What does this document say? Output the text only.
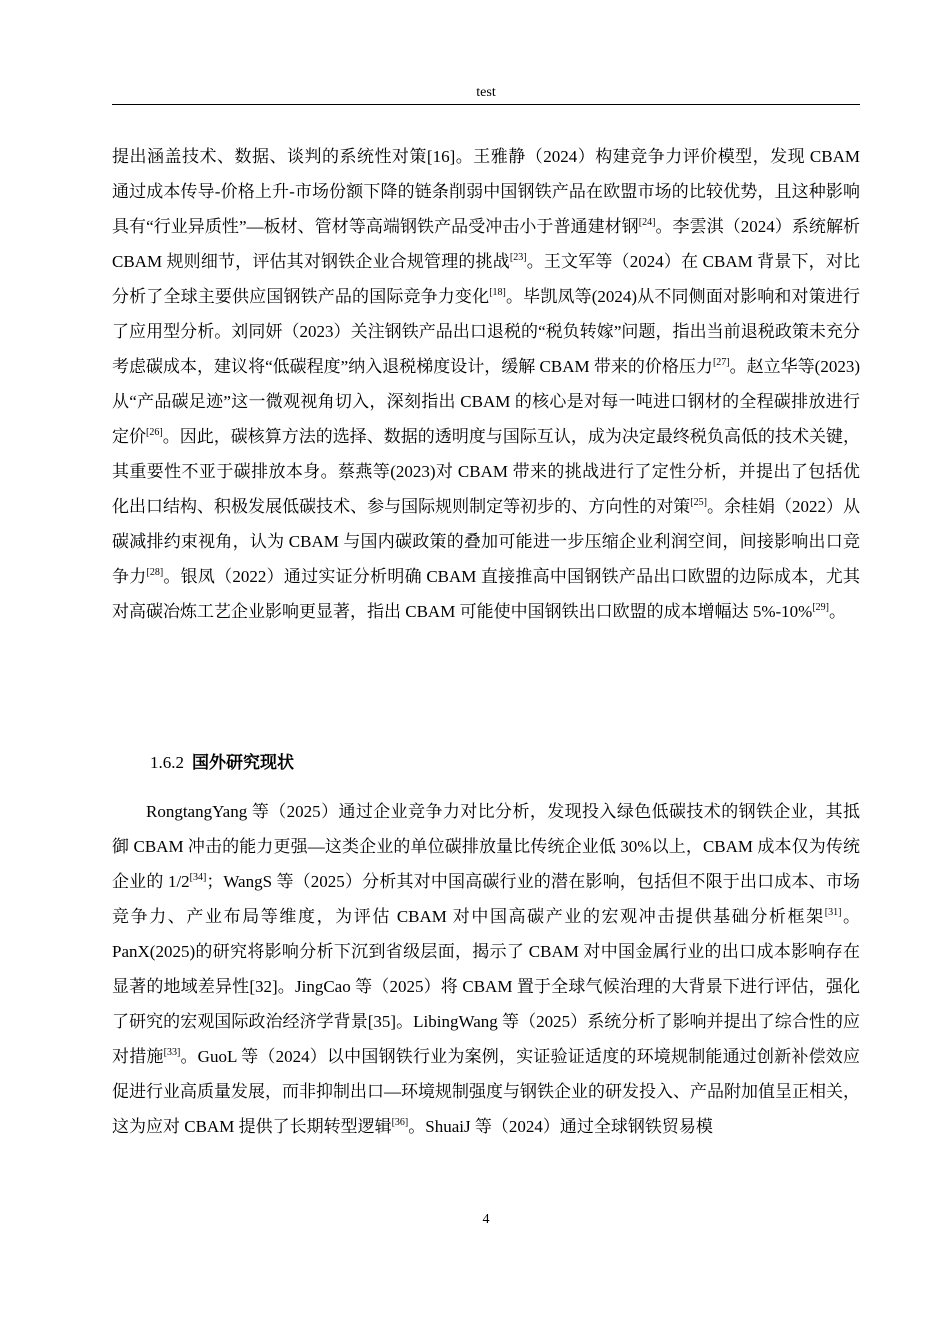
test

提出涵盖技术、数据、谈判的系统性对策[16]。王雅静（2024）构建竞争力评价模型，发现 CBAM 通过成本传导-价格上升-市场份额下降的链条削弱中国钢铁产品在欧盟市场的比较优势，且这种影响具有“行业异质性”—板材、管材等高端钢铁产品受冲击小于普通建材钢[24]。李雲淇（2024）系统解析 CBAM 规则细节，评估其对钢铁企业合规管理的挑战[23]。王文军等（2024）在 CBAM 背景下，对比分析了全球主要供应国钢铁产品的国际竞争力变化[18]。毕凯凤等(2024)从不同侧面对影响和对策进行了应用型分析。刘同妍（2023）关注钢铁产品出口退税的“税负转嫁”问题，指出当前退税政策未充分考虑碳成本，建议将“低碳程度”纳入退税梯度设计，缓解 CBAM 带来的价格压力[27]。赵立华等(2023)从“产品碳足迹”这一微观视角切入，深刻指出 CBAM 的核心是对每一吨进口钢材的全程碳排放进行定价[26]。因此，碳核算方法的选择、数据的透明度与国际互认，成为决定最终税负高低的技术关键，其重要性不亚于碳排放本身。蔡燕等(2023)对 CBAM 带来的挑战进行了定性分析，并提出了包括优化出口结构、积极发展低碳技术、参与国际规则制定等初步的、方向性的对策[25]。余桂娟（2022）从碳减排约束视角，认为 CBAM 与国内碳政策的叠加可能进一步压缩企业利润空间，间接影响出口竞争力[28]。银凤（2022）通过实证分析明确 CBAM 直接推高中国钢铁产品出口欧盟的边际成本，尤其对高碳冶炼工艺企业影响更显著，指出 CBAM 可能使中国钢铁出口欧盟的成本增幅达 5%-10%[29]。

1.6.2 国外研究现状

RongtangYang 等（2025）通过企业竞争力对比分析，发现投入绿色低碳技术的钢铁企业，其抵御 CBAM 冲击的能力更强—这类企业的单位碳排放量比传统企业低 30%以上，CBAM 成本仅为传统企业的 1/2[34]；WangS 等（2025）分析其对中国高碳行业的潜在影响，包括但不限于出口成本、市场竞争力、产业布局等维度，为评估 CBAM 对中国高碳产业的宏观冲击提供基础分析框架[31]。PanX(2025)的研究将影响分析下沉到省级层面，揭示了 CBAM 对中国金属行业的出口成本影响存在显著的地域差异性[32]。JingCao 等（2025）将 CBAM 置于全球气候治理的大背景下进行评估，强化了研究的宏观国际政治经济学背景[35]。LibingWang 等（2025）系统分析了影响并提出了综合性的应对措施[33]。GuoL 等（2024）以中国钢铁行业为案例，实证验证适度的环境规制能通过创新补偿效应促进行业高质量发展，而非抑制出口—环境规制强度与钢铁企业的研发投入、产品附加值呈正相关，这为应对 CBAM 提供了长期转型逻辑[36]。ShuaiJ 等（2024）通过全球钢铁贸易模

4
